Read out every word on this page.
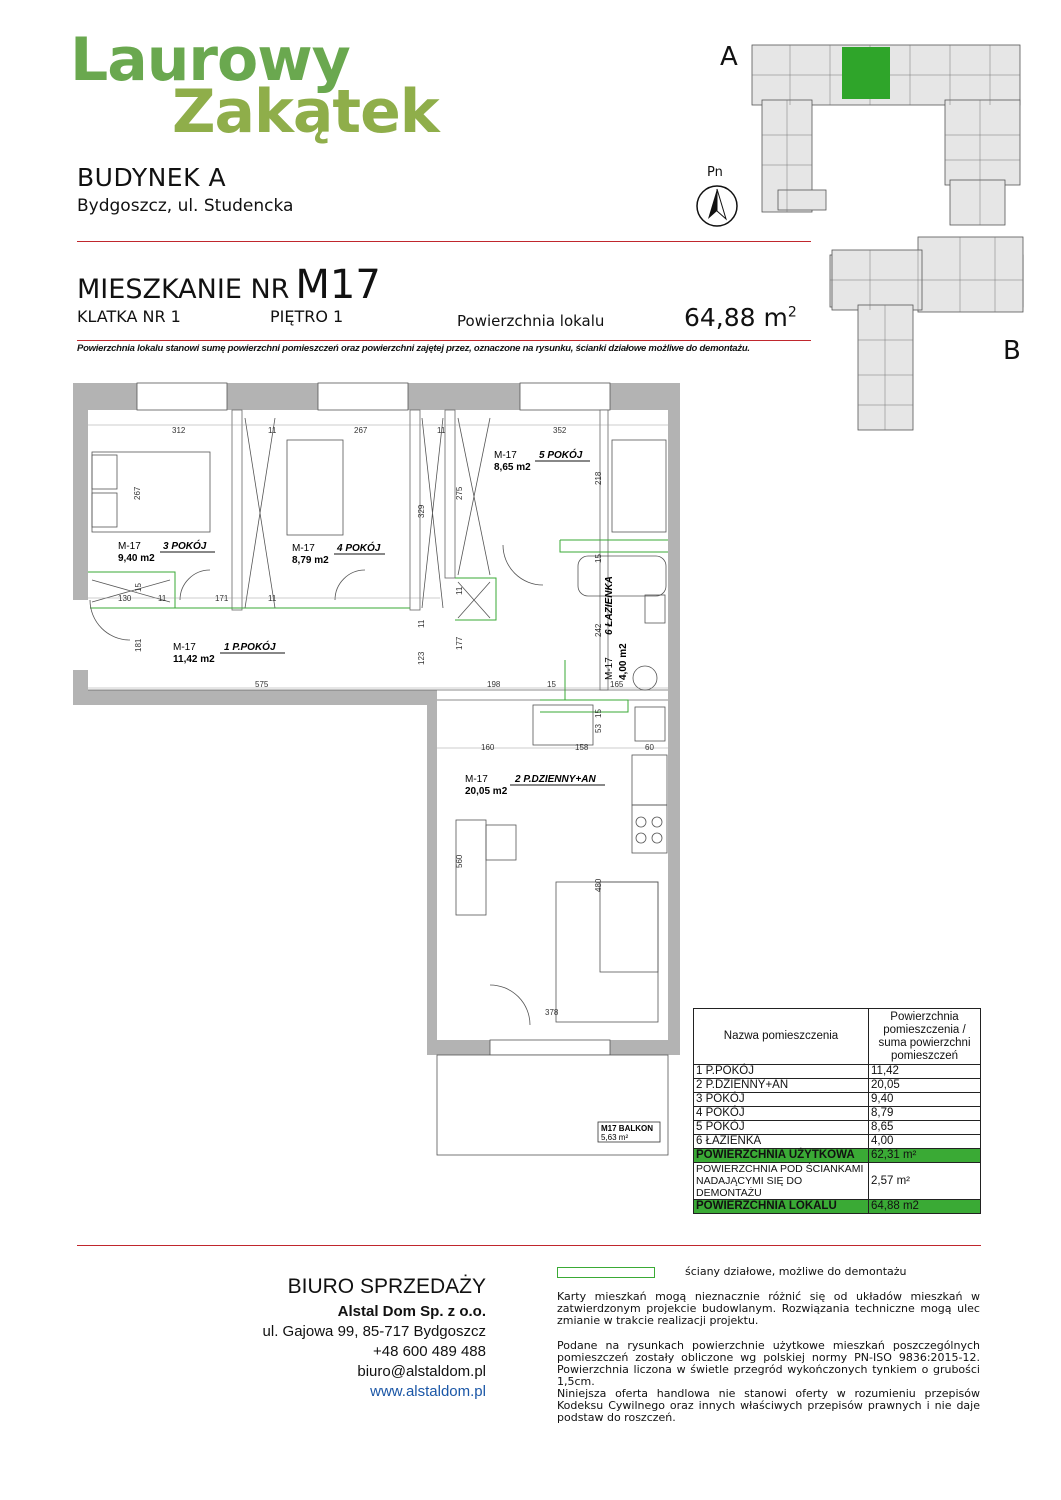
Laurowy
Zakątek
BUDYNEK A
Bydgoszcz, ul. Studencka
MIESZKANIE NR M17
KLATKA NR 1	PIĘTRO 1	Powierzchnia lokalu	64,88 $m^2$
Powierzchnia lokalu stanowi sumę powierzchni pomieszczeń oraz powierzchni zajętej przez, oznaczone na rysunku, ścianki działowe możliwe do demontażu.
A
B
Pn
M17 BALKON
5,63 m²
M-17 3 POKÓJ
9,40 m2
M-17 4 POKÓJ
8,79 m2
M-17 5 POKÓJ
8,65 m2
M-17	1 P.POKÓJ
11,42 m2	M-17
6 ŁAZIENKA
4,00 m2
M-17	2 P.DZIENNY+AN
20,05 m2
312	11	267	11	352
267	275
329
218
130	11	171	11
15
181
575	198	15
123
177
11
11
242
165
15
53
160	158	60
560
480
378
15
Nazwa pomieszczenia	Powierzchnia pomieszczenia / suma powierzchni pomieszczeń
1 P.POKÓJ	11,42
2 P.DZIENNY+AN	20,05
3 POKÓJ	9,40
4 POKÓJ	8,79
5 POKÓJ	8,65
6 ŁAZIENKA	4,00
POWIERZCHNIA UŻYTKOWA	62,31 m²
POWIERZCHNIA POD ŚCIANKAMI NADAJĄCYMI SIĘ DO DEMONTAŻU	2,57 m²
POWIERZCHNIA LOKALU	64,88 m2
BIURO SPRZEDAŻY
Alstal Dom Sp. z o.o.
ul. Gajowa 99, 85-717 Bydgoszcz
+48 600 489 488
biuro@alstaldom.pl
www.alstaldom.pl
ściany działowe, możliwe do demontażu
Karty mieszkań mogą nieznacznie różnić się od układów mieszkań w zatwierdzonym projekcie budowlanym. Rozwiązania techniczne mogą ulec zmianie w trakcie realizacji projektu.
Podane na rysunkach powierzchnie użytkowe mieszkań poszczególnych pomieszczeń zostały obliczone wg polskiej normy PN-ISO 9836:2015-12. Powierzchnia liczona w świetle przegród wykończonych tynkiem o grubości 1,5cm.
Niniejsza oferta handlowa nie stanowi oferty w rozumieniu przepisów Kodeksu Cywilnego oraz innych właściwych przepisów prawnych i nie daje podstaw do roszczeń.
